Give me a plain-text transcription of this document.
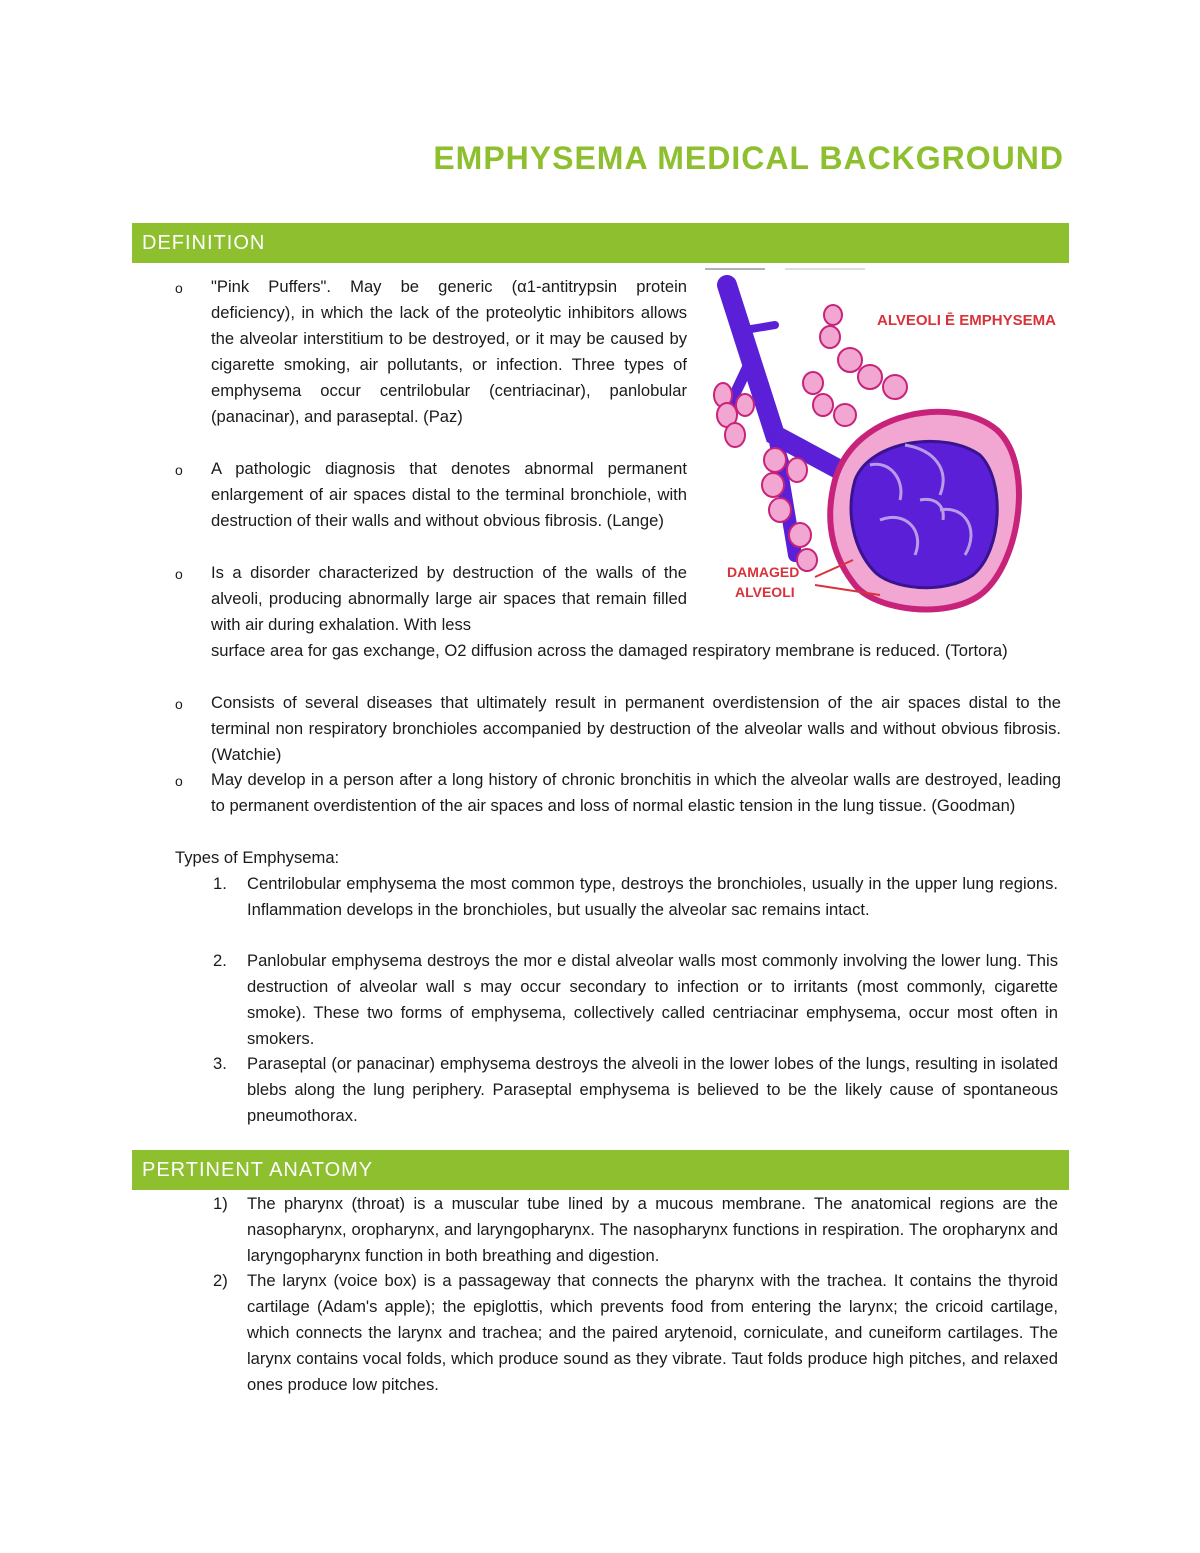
EMPHYSEMA MEDICAL BACKGROUND
DEFINITION
o "Pink Puffers". May be generic (α1-antitrypsin protein deficiency), in which the lack of the proteolytic inhibitors allows the alveolar interstitium to be destroyed, or it may be caused by cigarette smoking, air pollutants, or infection. Three types of emphysema occur centrilobular (centriacinar), panlobular (panacinar), and paraseptal. (Paz)

o A pathologic diagnosis that denotes abnormal permanent enlargement of air spaces distal to the terminal bronchiole, with destruction of their walls and without obvious fibrosis. (Lange)

o Is a disorder characterized by destruction of the walls of the alveoli, producing abnormally large air spaces that remain filled with air during exhalation. With less

surface area for gas exchange, O2 diffusion across the damaged respiratory membrane is reduced. (Tortora)

o Consists of several diseases that ultimately result in permanent overdistension of the air spaces distal to the terminal non respiratory bronchioles accompanied by destruction of the alveolar walls and without obvious fibrosis. (Watchie)

o May develop in a person after a long history of chronic bronchitis in which the alveolar walls are destroyed, leading to permanent overdistention of the air spaces and loss of normal elastic tension in the lung tissue. (Goodman)

Types of Emphysema:

1. Centrilobular emphysema the most common type, destroys the bronchioles, usually in the upper lung regions. Inflammation develops in the bronchioles, but usually the alveolar sac remains intact.

2. Panlobular emphysema destroys the mor e distal alveolar walls most commonly involving the lower lung. This destruction of alveolar wall s may occur secondary to infection or to irritants (most commonly, cigarette smoke). These two forms of emphysema, collectively called centriacinar emphysema, occur most often in smokers.

3. Paraseptal (or panacinar) emphysema destroys the alveoli in the lower lobes of the lungs, resulting in isolated blebs along the lung periphery. Paraseptal emphysema is believed to be the likely cause of spontaneous pneumothorax.

PERTINENT ANATOMY
1) The pharynx (throat) is a muscular tube lined by a mucous membrane. The anatomical regions are the nasopharynx, oropharynx, and laryngopharynx. The nasopharynx functions in respiration. The oropharynx and laryngopharynx function in both breathing and digestion.

2) The larynx (voice box) is a passageway that connects the pharynx with the trachea. It contains the thyroid cartilage (Adam's apple); the epiglottis, which prevents food from entering the larynx; the cricoid cartilage, which connects the larynx and trachea; and the paired arytenoid, corniculate, and cuneiform cartilages. The larynx contains vocal folds, which produce sound as they vibrate. Taut folds produce high pitches, and relaxed ones produce low pitches.

ALVEOLI Ē EMPHYSEMA
DAMAGED
ALVEOLI
